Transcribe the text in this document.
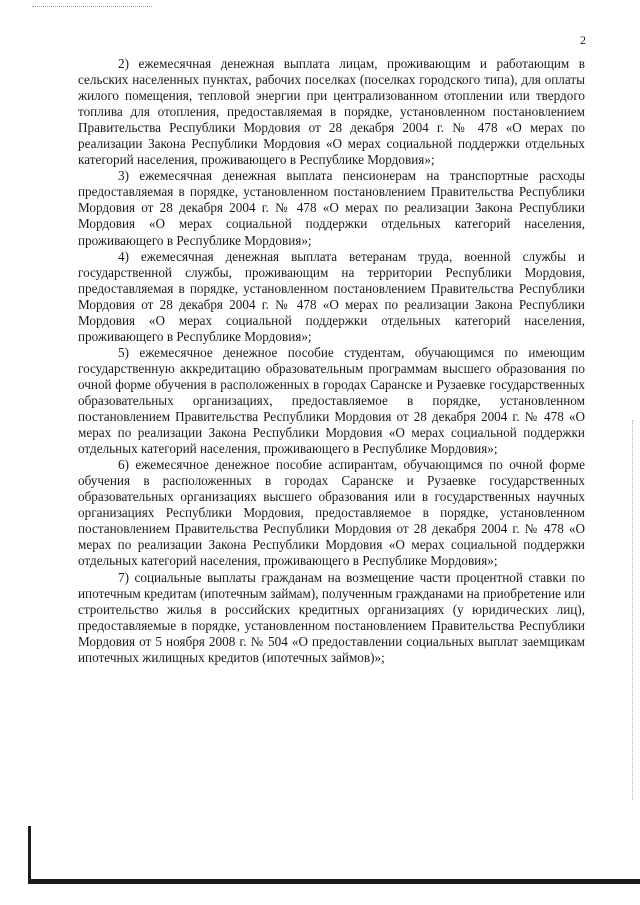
2

2) ежемесячная денежная выплата лицам, проживающим и работающим в сельских населенных пунктах, рабочих поселках (поселках городского типа), для оплаты жилого помещения, тепловой энергии при централизованном отоплении или твердого топлива для отопления, предоставляемая в порядке, установленном постановлением Правительства Республики Мордовия от 28 декабря 2004 г. № 478 «О мерах по реализации Закона Республики Мордовия «О мерах социальной поддержки отдельных категорий населения, проживающего в Республике Мордовия»;

3) ежемесячная денежная выплата пенсионерам на транспортные расходы предоставляемая в порядке, установленном постановлением Правительства Республики Мордовия от 28 декабря 2004 г. № 478 «О мерах по реализации Закона Республики Мордовия «О мерах социальной поддержки отдельных категорий населения, проживающего в Республике Мордовия»;

4) ежемесячная денежная выплата ветеранам труда, военной службы и государственной службы, проживающим на территории Республики Мордовия, предоставляемая в порядке, установленном постановлением Правительства Республики Мордовия от 28 декабря 2004 г. № 478 «О мерах по реализации Закона Республики Мордовия «О мерах социальной поддержки отдельных категорий населения, проживающего в Республике Мордовия»;

5) ежемесячное денежное пособие студентам, обучающимся по имеющим государственную аккредитацию образовательным программам высшего образования по очной форме обучения в расположенных в городах Саранске и Рузаевке государственных образовательных организациях, предоставляемое в порядке, установленном постановлением Правительства Республики Мордовия от 28 декабря 2004 г. № 478 «О мерах по реализации Закона Республики Мордовия «О мерах социальной поддержки отдельных категорий населения, проживающего в Республике Мордовия»;

6) ежемесячное денежное пособие аспирантам, обучающимся по очной форме обучения в расположенных в городах Саранске и Рузаевке государственных образовательных организациях высшего образования или в государственных научных организациях Республики Мордовия, предоставляемое в порядке, установленном постановлением Правительства Республики Мордовия от 28 декабря 2004 г. № 478 «О мерах по реализации Закона Республики Мордовия «О мерах социальной поддержки отдельных категорий населения, проживающего в Республике Мордовия»;

7) социальные выплаты гражданам на возмещение части процентной ставки по ипотечным кредитам (ипотечным займам), полученным гражданами на приобретение или строительство жилья в российских кредитных организациях (у юридических лиц), предоставляемые в порядке, установленном постановлением Правительства Республики Мордовия от 5 ноября 2008 г. № 504 «О предоставлении социальных выплат заемщикам ипотечных жилищных кредитов (ипотечных займов)»;
